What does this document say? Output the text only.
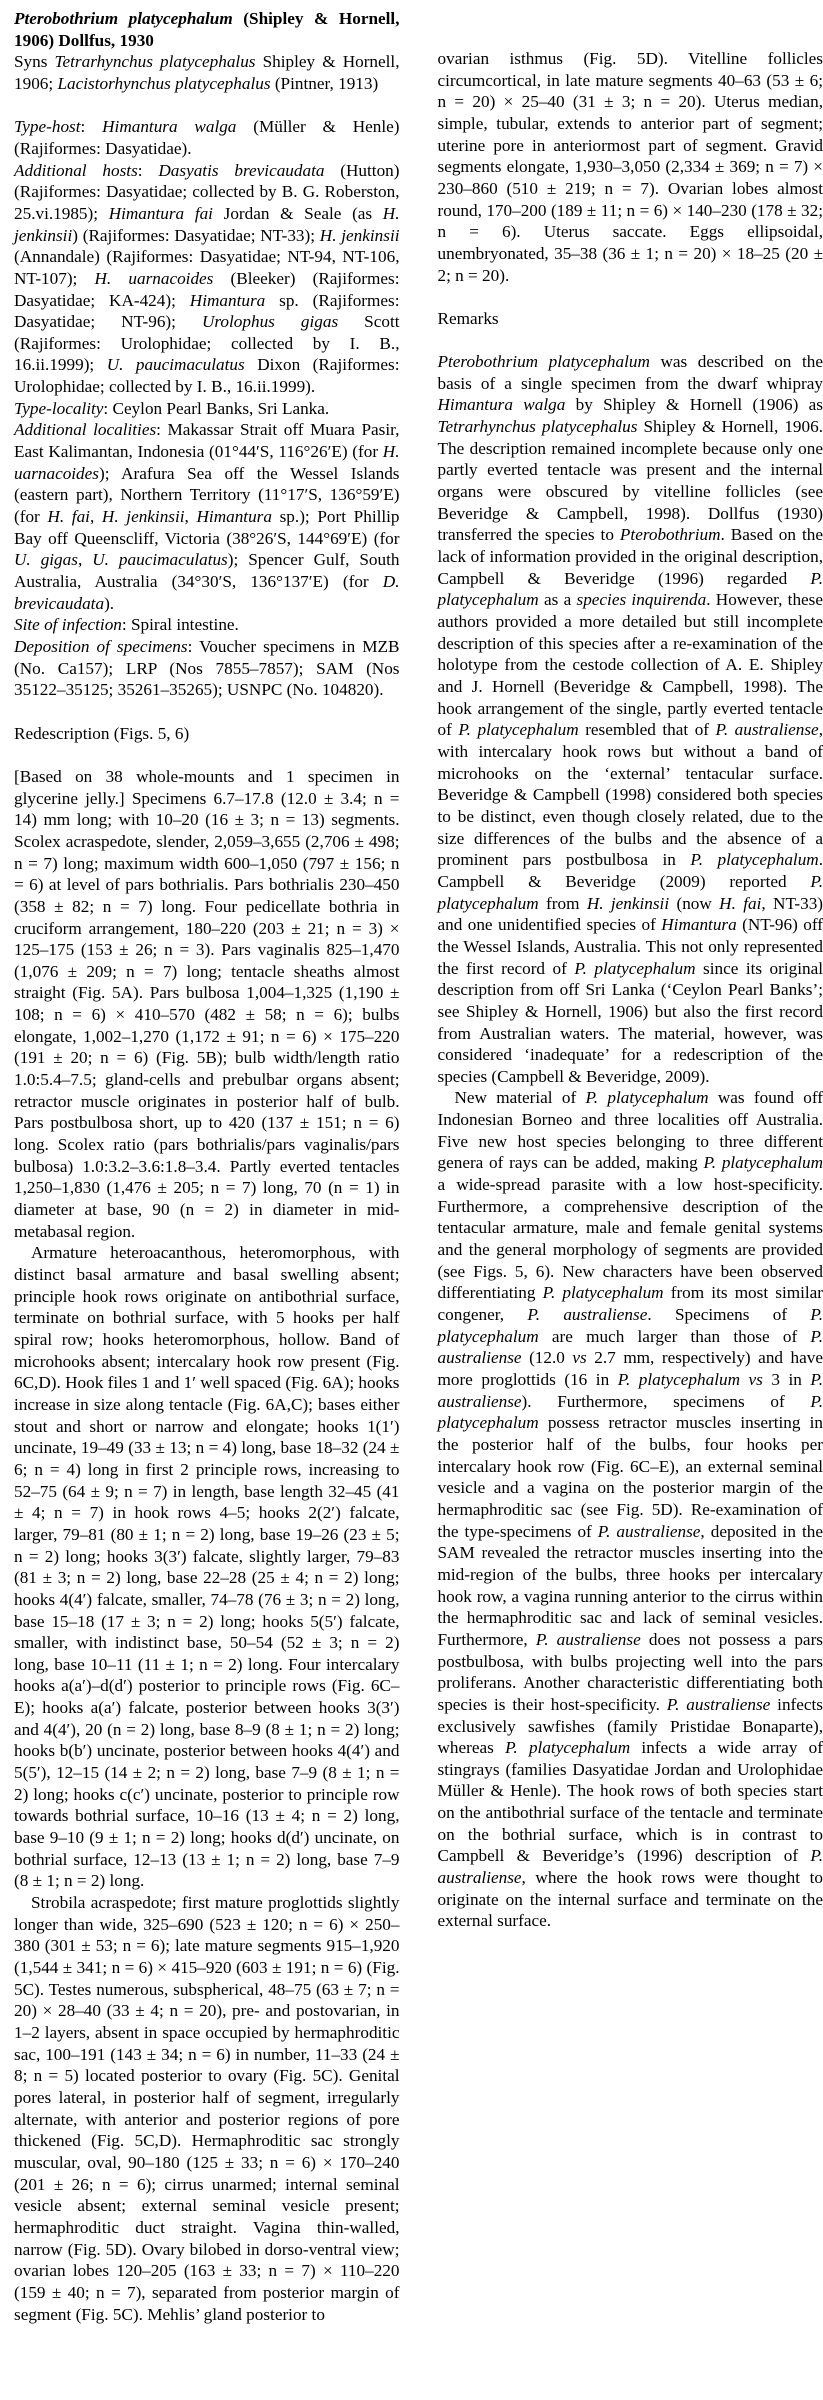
Pterobothrium platycephalum (Shipley & Hornell, 1906) Dollfus, 1930

Syns Tetrarhynchus platycephalus Shipley & Hornell, 1906; Lacistorhynchus platycephalus (Pintner, 1913)

Type-host: Himantura walga (Müller & Henle) (Rajiformes: Dasyatidae).

Additional hosts: Dasyatis brevicaudata (Hutton) (Rajiformes: Dasyatidae; collected by B. G. Roberston, 25.vi.1985); Himantura fai Jordan & Seale (as H. jenkinsii) (Rajiformes: Dasyatidae; NT-33); H. jenkinsii (Annandale) (Rajiformes: Dasyatidae; NT-94, NT-106, NT-107); H. uarnacoides (Bleeker) (Rajiformes: Dasyatidae; KA-424); Himantura sp. (Rajiformes: Dasyatidae; NT-96); Urolophus gigas Scott (Rajiformes: Urolophidae; collected by I. B., 16.ii.1999); U. paucimaculatus Dixon (Rajiformes: Urolophidae; collected by I. B., 16.ii.1999).

Type-locality: Ceylon Pearl Banks, Sri Lanka.

Additional localities: Makassar Strait off Muara Pasir, East Kalimantan, Indonesia (01°44′S, 116°26′E) (for H. uarnacoides); Arafura Sea off the Wessel Islands (eastern part), Northern Territory (11°17′S, 136°59′E) (for H. fai, H. jenkinsii, Himantura sp.); Port Phillip Bay off Queenscliff, Victoria (38°26′S, 144°69′E) (for U. gigas, U. paucimaculatus); Spencer Gulf, South Australia, Australia (34°30′S, 136°137′E) (for D. brevicaudata).

Site of infection: Spiral intestine.

Deposition of specimens: Voucher specimens in MZB (No. Ca157); LRP (Nos 7855–7857); SAM (Nos 35122–35125; 35261–35265); USNPC (No. 104820).

Redescription (Figs. 5, 6)

[Based on 38 whole-mounts and 1 specimen in glycerine jelly.] Specimens 6.7–17.8 (12.0 ± 3.4; n = 14) mm long; with 10–20 (16 ± 3; n = 13) segments. Scolex acraspedote, slender, 2,059–3,655 (2,706 ± 498; n = 7) long; maximum width 600–1,050 (797 ± 156; n = 6) at level of pars bothrialis. Pars bothrialis 230–450 (358 ± 82; n = 7) long. Four pedicellate bothria in cruciform arrangement, 180–220 (203 ± 21; n = 3) × 125–175 (153 ± 26; n = 3). Pars vaginalis 825–1,470 (1,076 ± 209; n = 7) long; tentacle sheaths almost straight (Fig. 5A). Pars bulbosa 1,004–1,325 (1,190 ± 108; n = 6) × 410–570 (482 ± 58; n = 6); bulbs elongate, 1,002–1,270 (1,172 ± 91; n = 6) × 175–220 (191 ± 20; n = 6) (Fig. 5B); bulb width/length ratio 1.0:5.4–7.5; gland-cells and prebulbar organs absent; retractor muscle originates in posterior half of bulb. Pars postbulbosa short, up to 420 (137 ± 151; n = 6) long. Scolex ratio (pars bothrialis/pars vaginalis/pars bulbosa) 1.0:3.2–3.6:1.8–3.4. Partly everted tentacles 1,250–1,830 (1,476 ± 205; n = 7) long, 70 (n = 1) in diameter at base, 90 (n = 2) in diameter in mid-metabasal region.

Armature heteroacanthous, heteromorphous, with distinct basal armature and basal swelling absent; principle hook rows originate on antibothrial surface, terminate on bothrial surface, with 5 hooks per half spiral row; hooks heteromorphous, hollow. Band of microhooks absent; intercalary hook row present (Fig. 6C,D). Hook files 1 and 1′ well spaced (Fig. 6A); hooks increase in size along tentacle (Fig. 6A,C); bases either stout and short or narrow and elongate; hooks 1(1′) uncinate, 19–49 (33 ± 13; n = 4) long, base 18–32 (24 ± 6; n = 4) long in first 2 principle rows, increasing to 52–75 (64 ± 9; n = 7) in length, base length 32–45 (41 ± 4; n = 7) in hook rows 4–5; hooks 2(2′) falcate, larger, 79–81 (80 ± 1; n = 2) long, base 19–26 (23 ± 5; n = 2) long; hooks 3(3′) falcate, slightly larger, 79–83 (81 ± 3; n = 2) long, base 22–28 (25 ± 4; n = 2) long; hooks 4(4′) falcate, smaller, 74–78 (76 ± 3; n = 2) long, base 15–18 (17 ± 3; n = 2) long; hooks 5(5′) falcate, smaller, with indistinct base, 50–54 (52 ± 3; n = 2) long, base 10–11 (11 ± 1; n = 2) long. Four intercalary hooks a(a′)–d(d′) posterior to principle rows (Fig. 6C–E); hooks a(a′) falcate, posterior between hooks 3(3′) and 4(4′), 20 (n = 2) long, base 8–9 (8 ± 1; n = 2) long; hooks b(b′) uncinate, posterior between hooks 4(4′) and 5(5′), 12–15 (14 ± 2; n = 2) long, base 7–9 (8 ± 1; n = 2) long; hooks c(c′) uncinate, posterior to principle row towards bothrial surface, 10–16 (13 ± 4; n = 2) long, base 9–10 (9 ± 1; n = 2) long; hooks d(d′) uncinate, on bothrial surface, 12–13 (13 ± 1; n = 2) long, base 7–9 (8 ± 1; n = 2) long.

Strobila acraspedote; first mature proglottids slightly longer than wide, 325–690 (523 ± 120; n = 6) × 250–380 (301 ± 53; n = 6); late mature segments 915–1,920 (1,544 ± 341; n = 6) × 415–920 (603 ± 191; n = 6) (Fig. 5C). Testes numerous, subspherical, 48–75 (63 ± 7; n = 20) × 28–40 (33 ± 4; n = 20), pre- and postovarian, in 1–2 layers, absent in space occupied by hermaphroditic sac, 100–191 (143 ± 34; n = 6) in number, 11–33 (24 ± 8; n = 5) located posterior to ovary (Fig. 5C). Genital pores lateral, in posterior half of segment, irregularly alternate, with anterior and posterior regions of pore thickened (Fig. 5C,D). Hermaphroditic sac strongly muscular, oval, 90–180 (125 ± 33; n = 6) × 170–240 (201 ± 26; n = 6); cirrus unarmed; internal seminal vesicle absent; external seminal vesicle present; hermaphroditic duct straight. Vagina thin-walled, narrow (Fig. 5D). Ovary bilobed in dorso-ventral view; ovarian lobes 120–205 (163 ± 33; n = 7) × 110–220 (159 ± 40; n = 7), separated from posterior margin of segment (Fig. 5C). Mehlis’ gland posterior to

ovarian isthmus (Fig. 5D). Vitelline follicles circumcortical, in late mature segments 40–63 (53 ± 6; n = 20) × 25–40 (31 ± 3; n = 20). Uterus median, simple, tubular, extends to anterior part of segment; uterine pore in anteriormost part of segment. Gravid segments elongate, 1,930–3,050 (2,334 ± 369; n = 7) × 230–860 (510 ± 219; n = 7). Ovarian lobes almost round, 170–200 (189 ± 11; n = 6) × 140–230 (178 ± 32; n = 6). Uterus saccate. Eggs ellipsoidal, unembryonated, 35–38 (36 ± 1; n = 20) × 18–25 (20 ± 2; n = 20).

Remarks

Pterobothrium platycephalum was described on the basis of a single specimen from the dwarf whipray Himantura walga by Shipley & Hornell (1906) as Tetrarhynchus platycephalus Shipley & Hornell, 1906. The description remained incomplete because only one partly everted tentacle was present and the internal organs were obscured by vitelline follicles (see Beveridge & Campbell, 1998). Dollfus (1930) transferred the species to Pterobothrium. Based on the lack of information provided in the original description, Campbell & Beveridge (1996) regarded P. platycephalum as a species inquirenda. However, these authors provided a more detailed but still incomplete description of this species after a re-examination of the holotype from the cestode collection of A. E. Shipley and J. Hornell (Beveridge & Campbell, 1998). The hook arrangement of the single, partly everted tentacle of P. platycephalum resembled that of P. australiense, with intercalary hook rows but without a band of microhooks on the ‘external’ tentacular surface. Beveridge & Campbell (1998) considered both species to be distinct, even though closely related, due to the size differences of the bulbs and the absence of a prominent pars postbulbosa in P. platycephalum. Campbell & Beveridge (2009) reported P. platycephalum from H. jenkinsii (now H. fai, NT-33) and one unidentified species of Himantura (NT-96) off the Wessel Islands, Australia. This not only represented the first record of P. platycephalum since its original description from off Sri Lanka (‘Ceylon Pearl Banks’; see Shipley & Hornell, 1906) but also the first record from Australian waters. The material, however, was considered ‘inadequate’ for a redescription of the species (Campbell & Beveridge, 2009).

New material of P. platycephalum was found off Indonesian Borneo and three localities off Australia. Five new host species belonging to three different genera of rays can be added, making P. platycephalum a wide-spread parasite with a low host-specificity. Furthermore, a comprehensive description of the tentacular armature, male and female genital systems and the general morphology of segments are provided (see Figs. 5, 6). New characters have been observed differentiating P. platycephalum from its most similar congener, P. australiense. Specimens of P. platycephalum are much larger than those of P. australiense (12.0 vs 2.7 mm, respectively) and have more proglottids (16 in P. platycephalum vs 3 in P. australiense). Furthermore, specimens of P. platycephalum possess retractor muscles inserting in the posterior half of the bulbs, four hooks per intercalary hook row (Fig. 6C–E), an external seminal vesicle and a vagina on the posterior margin of the hermaphroditic sac (see Fig. 5D). Re-examination of the type-specimens of P. australiense, deposited in the SAM revealed the retractor muscles inserting into the mid-region of the bulbs, three hooks per intercalary hook row, a vagina running anterior to the cirrus within the hermaphroditic sac and lack of seminal vesicles. Furthermore, P. australiense does not possess a pars postbulbosa, with bulbs projecting well into the pars proliferans. Another characteristic differentiating both species is their host-specificity. P. australiense infects exclusively sawfishes (family Pristidae Bonaparte), whereas P. platycephalum infects a wide array of stingrays (families Dasyatidae Jordan and Urolophidae Müller & Henle). The hook rows of both species start on the antibothrial surface of the tentacle and terminate on the bothrial surface, which is in contrast to Campbell & Beveridge’s (1996) description of P. australiense, where the hook rows were thought to originate on the internal surface and terminate on the external surface.
